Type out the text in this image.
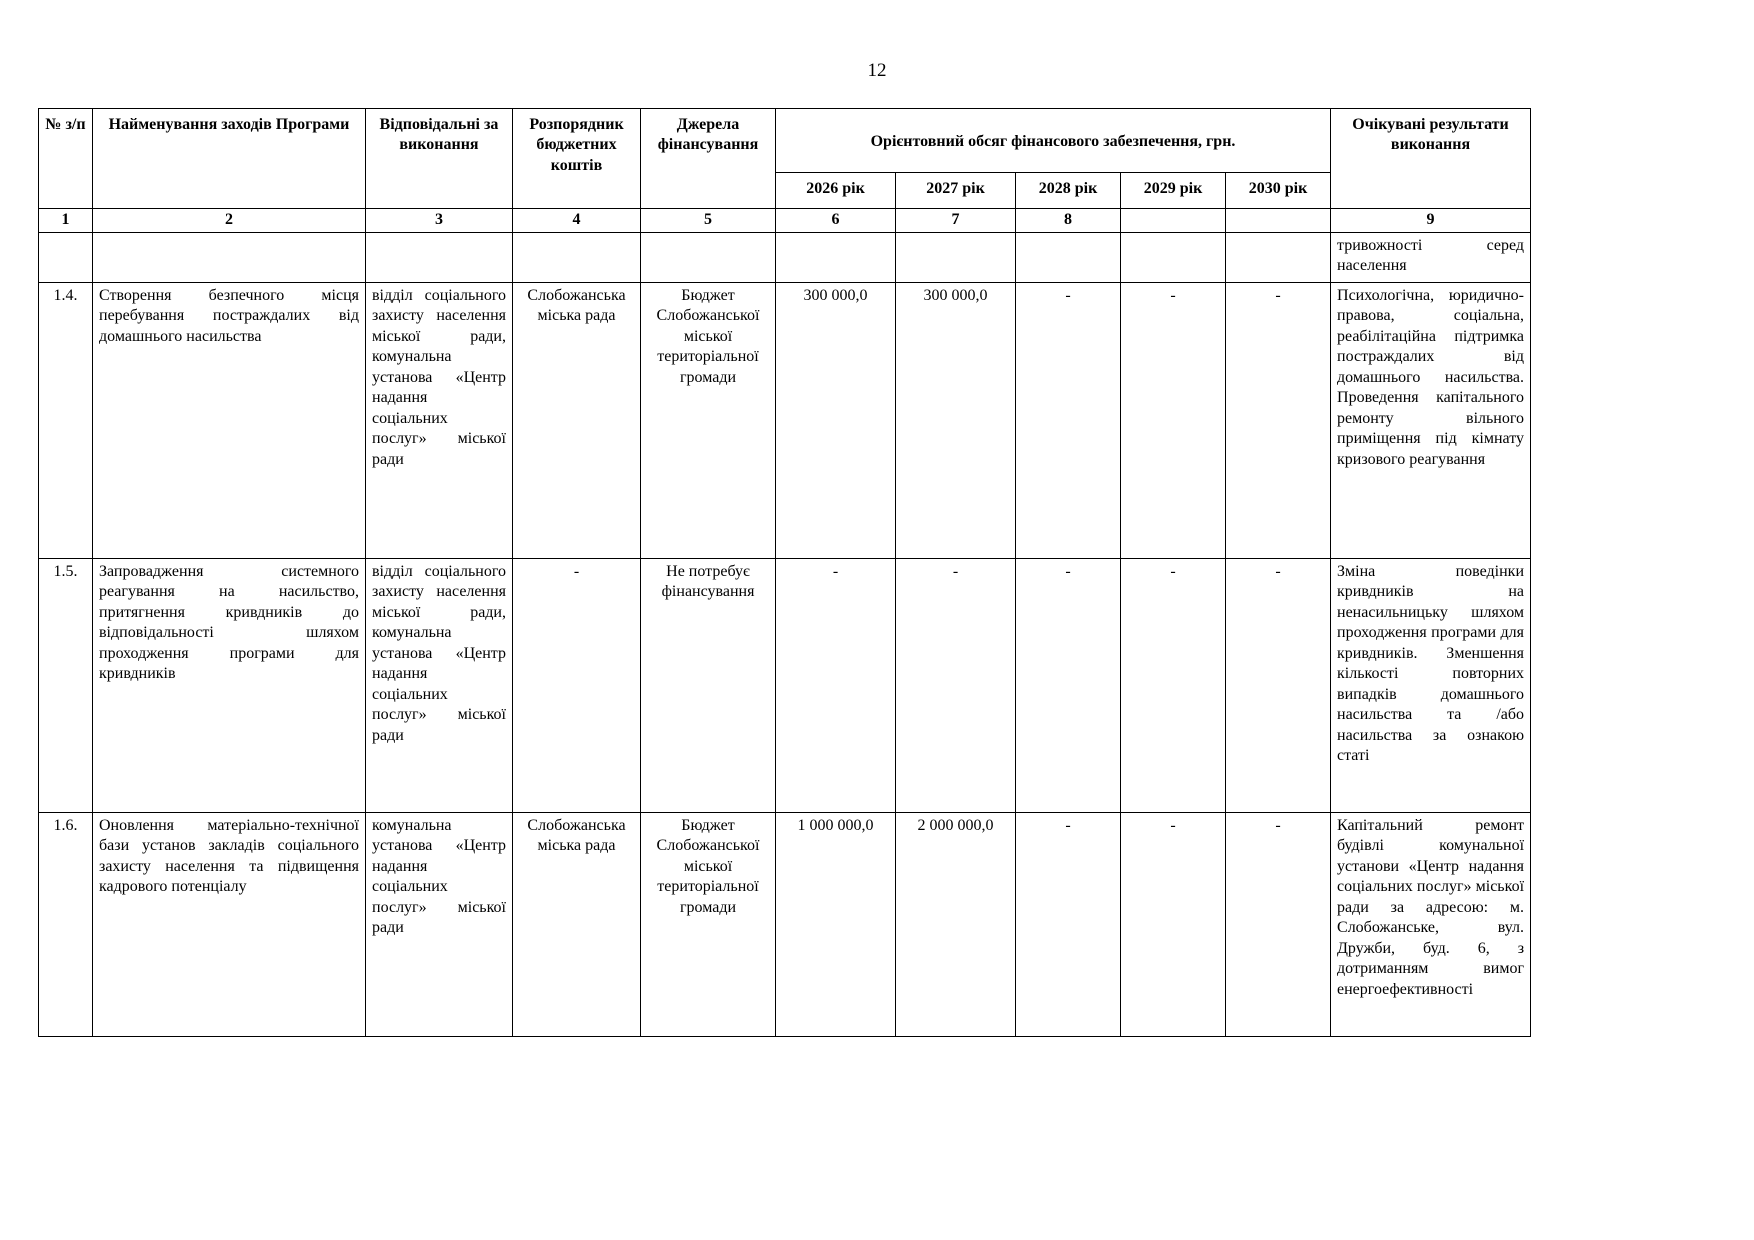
12
№ з/п	Найменування заходів Програми	Відповідальні за виконання	Розпорядник бюджетних коштів	Джерела фінансування	Орієнтовний обсяг фінансового забезпечення, грн.					Очікувані результати виконання
					2026 рік	2027 рік	2028 рік	2029 рік	2030 рік	
1	2	3	4	5	6	7	8			9
										тривожності серед населення
1.4.	Створення безпечного місця перебування постраждалих від домашнього насильства	відділ соціального захисту населення міської ради, комунальна установа «Центр надання соціальних послуг» міської ради	Слобожанська міська рада	Бюджет Слобожанської міської територіальної громади	300 000,0	300 000,0	-	-	-	Психологічна, юридично-правова, соціальна, реабілітаційна підтримка постраждалих від домашнього насильства. Проведення капітального ремонту вільного приміщення під кімнату кризового реагування
1.5.	Запровадження системного реагування на насильство, притягнення кривдників до відповідальності шляхом проходження програми для кривдників	відділ соціального захисту населення міської ради, комунальна установа «Центр надання соціальних послуг» міської ради	-	Не потребує фінансування	-	-	-	-	-	Зміна поведінки кривдників на ненасильницьку шляхом проходження програми для кривдників. Зменшення кількості повторних випадків домашнього насильства та /або насильства за ознакою статі
1.6.	Оновлення матеріально-технічної бази установ закладів соціального захисту населення та підвищення кадрового потенціалу	комунальна установа «Центр надання соціальних послуг» міської ради	Слобожанська міська рада	Бюджет Слобожанської міської територіальної громади	1 000 000,0	2 000 000,0	-	-	-	Капітальний ремонт будівлі комунальної установи «Центр надання соціальних послуг» міської ради за адресою: м. Слобожанське, вул. Дружби, буд. 6, з дотриманням вимог енергоефективності
